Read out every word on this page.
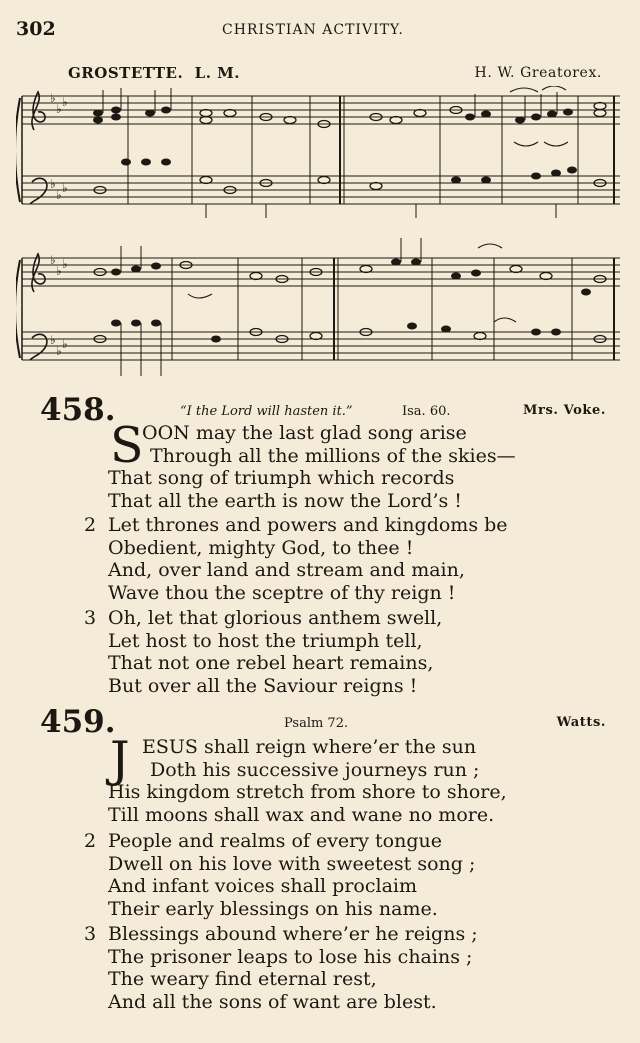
302	CHRISTIAN ACTIVITY.
GROSTETTE. L. M.	H. W. Greatorex.
♭
♭ ♭
♭
♭ ♭
♭
♭ ♭
♭
♭ ♭
458.	“I the Lord will hasten it.”	Isa. 60.	Mrs. Voke.
S
OON may the last glad song arise
Through all the millions of the skies—
That song of triumph which records
That all the earth is now the Lord’s !
2 Let thrones and powers and kingdoms be
Obedient, mighty God, to thee !
And, over land and stream and main,
Wave thou the sceptre of thy reign !
3 Oh, let that glorious anthem swell,
Let host to host the triumph tell,
That not one rebel heart remains,
But over all the Saviour reigns !
459.	Psalm 72.	Watts.
J ESUS shall reign where’er the sun
Doth his successive journeys run ;
His kingdom stretch from shore to shore,
Till moons shall wax and wane no more.
2 People and realms of every tongue
Dwell on his love with sweetest song ;
And infant voices shall proclaim
Their early blessings on his name.
3 Blessings abound where’er he reigns ;
The prisoner leaps to lose his chains ;
The weary find eternal rest,
And all the sons of want are blest.
